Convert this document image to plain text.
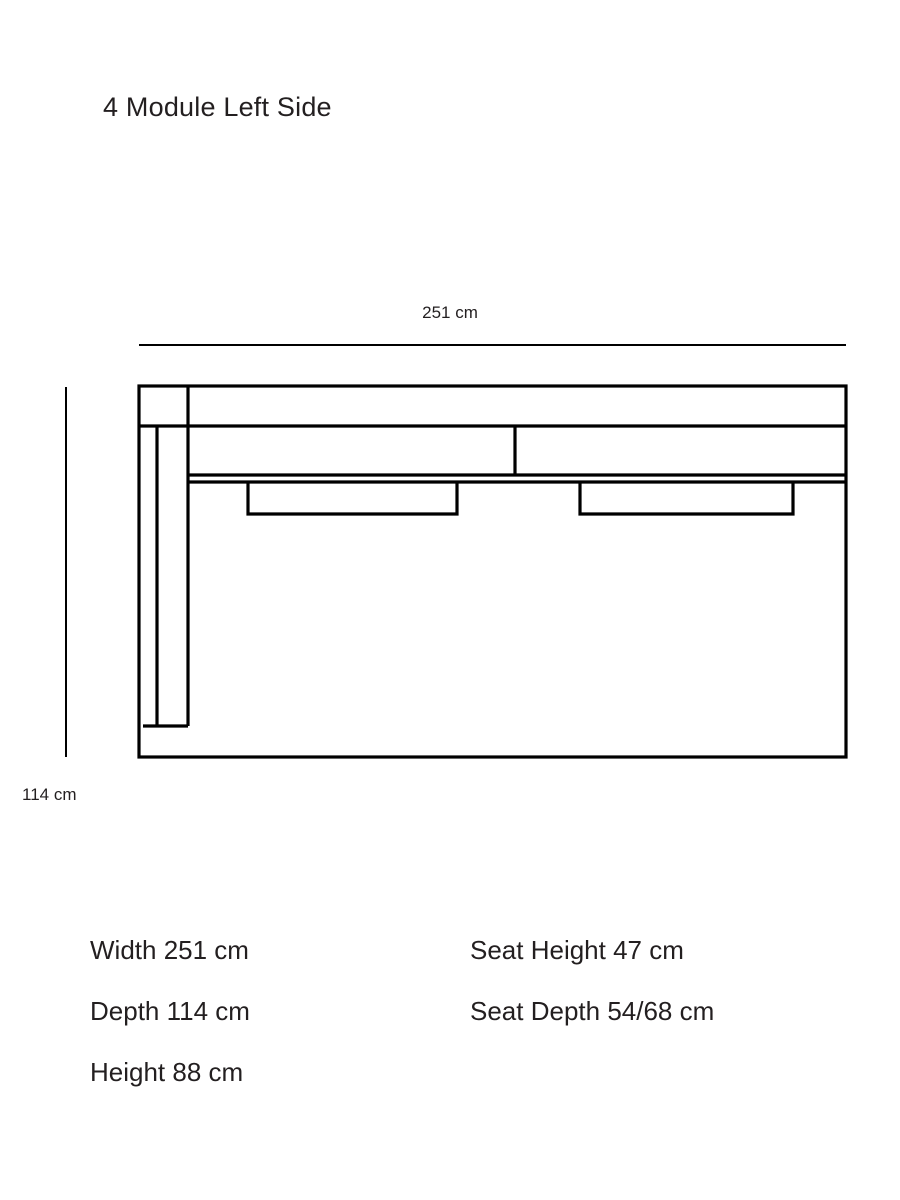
4 Module Left Side
251 cm
114 cm
Width 251 cm
Depth 114 cm
Height 88 cm
Seat Height 47 cm
Seat Depth 54/68 cm
